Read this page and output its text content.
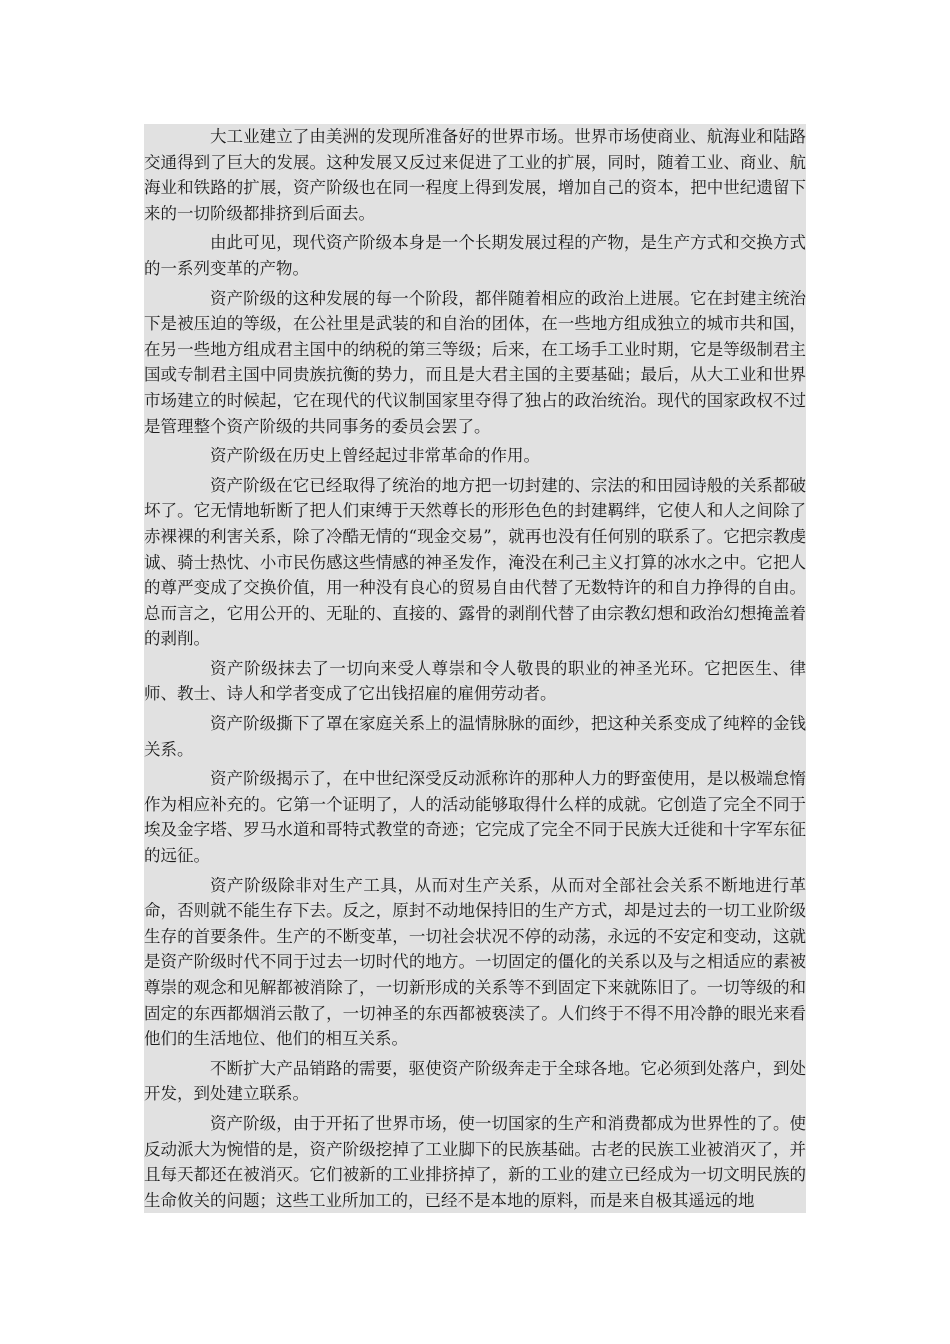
大工业建立了由美洲的发现所准备好的世界市场。世界市场使商业、航海业和陆路交通得到了巨大的发展。这种发展又反过来促进了工业的扩展，同时，随着工业、商业、航海业和铁路的扩展，资产阶级也在同一程度上得到发展，增加自己的资本，把中世纪遗留下来的一切阶级都排挤到后面去。

由此可见，现代资产阶级本身是一个长期发展过程的产物，是生产方式和交换方式的一系列变革的产物。

资产阶级的这种发展的每一个阶段，都伴随着相应的政治上进展。它在封建主统治下是被压迫的等级，在公社里是武装的和自治的团体，在一些地方组成独立的城市共和国，在另一些地方组成君主国中的纳税的第三等级；后来，在工场手工业时期，它是等级制君主国或专制君主国中同贵族抗衡的势力，而且是大君主国的主要基础；最后，从大工业和世界市场建立的时候起，它在现代的代议制国家里夺得了独占的政治统治。现代的国家政权不过是管理整个资产阶级的共同事务的委员会罢了。

资产阶级在历史上曾经起过非常革命的作用。

资产阶级在它已经取得了统治的地方把一切封建的、宗法的和田园诗般的关系都破坏了。它无情地斩断了把人们束缚于天然尊长的形形色色的封建羁绊，它使人和人之间除了赤裸裸的利害关系，除了冷酷无情的“现金交易”，就再也没有任何别的联系了。它把宗教虔诚、骑士热忱、小市民伤感这些情感的神圣发作，淹没在利己主义打算的冰水之中。它把人的尊严变成了交换价值，用一种没有良心的贸易自由代替了无数特许的和自力挣得的自由。总而言之，它用公开的、无耻的、直接的、露骨的剥削代替了由宗教幻想和政治幻想掩盖着的剥削。

资产阶级抹去了一切向来受人尊崇和令人敬畏的职业的神圣光环。它把医生、律师、教士、诗人和学者变成了它出钱招雇的雇佣劳动者。

资产阶级撕下了罩在家庭关系上的温情脉脉的面纱，把这种关系变成了纯粹的金钱关系。

资产阶级揭示了，在中世纪深受反动派称许的那种人力的野蛮使用，是以极端怠惰作为相应补充的。它第一个证明了，人的活动能够取得什么样的成就。它创造了完全不同于埃及金字塔、罗马水道和哥特式教堂的奇迹；它完成了完全不同于民族大迁徙和十字军东征的远征。

资产阶级除非对生产工具，从而对生产关系，从而对全部社会关系不断地进行革命，否则就不能生存下去。反之，原封不动地保持旧的生产方式，却是过去的一切工业阶级生存的首要条件。生产的不断变革，一切社会状况不停的动荡，永远的不安定和变动，这就是资产阶级时代不同于过去一切时代的地方。一切固定的僵化的关系以及与之相适应的素被尊崇的观念和见解都被消除了，一切新形成的关系等不到固定下来就陈旧了。一切等级的和固定的东西都烟消云散了，一切神圣的东西都被亵渎了。人们终于不得不用冷静的眼光来看他们的生活地位、他们的相互关系。

不断扩大产品销路的需要，驱使资产阶级奔走于全球各地。它必须到处落户，到处开发，到处建立联系。

资产阶级，由于开拓了世界市场，使一切国家的生产和消费都成为世界性的了。使反动派大为惋惜的是，资产阶级挖掉了工业脚下的民族基础。古老的民族工业被消灭了，并且每天都还在被消灭。它们被新的工业排挤掉了，新的工业的建立已经成为一切文明民族的生命攸关的问题；这些工业所加工的，已经不是本地的原料，而是来自极其遥远的地
